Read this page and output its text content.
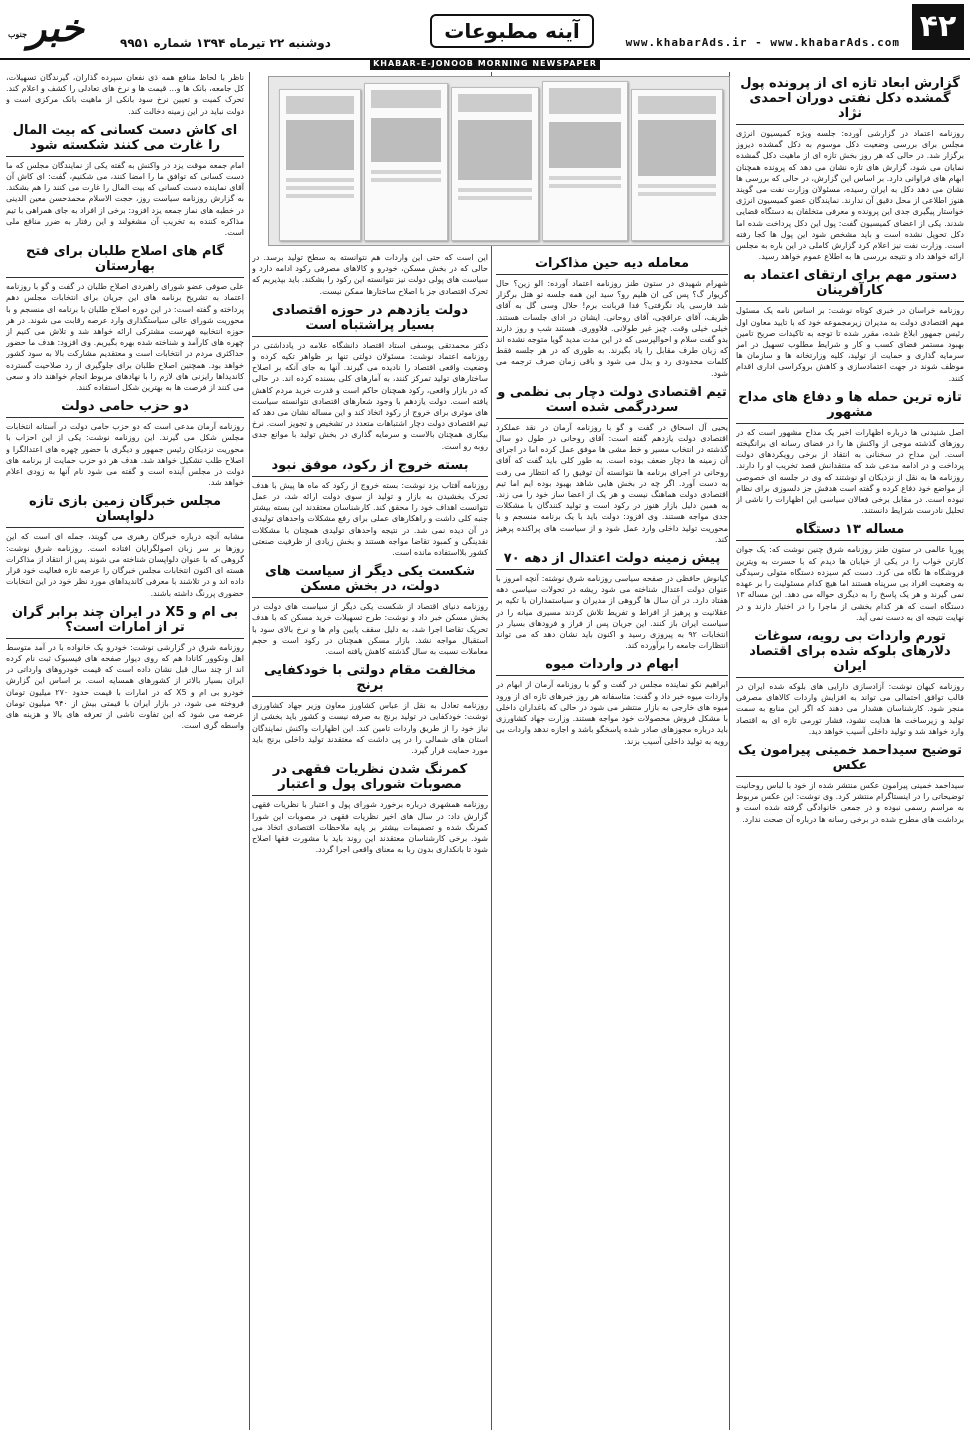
۴۲
www.khabarAds.ir - www.khabarAds.com
آینه مطبوعات
دوشنبه ۲۲ تیرماه ۱۳۹۴ شماره ۹۹۵۱
جنوب خبر
KHABAR-E-JONOOB MORNING NEWSPAPER
گزارش ابعاد تازه ای از پرونده پول گمشده دکل نفتی دوران احمدی نژاد
روزنامه اعتماد در گزارشی آورده: جلسه ویژه کمیسیون انرژی مجلس برای بررسی وضعیت دکل موسوم به دکل گمشده دیروز برگزار شد. در حالی که هر روز بخش تازه ای از ماهیت دکل گمشده نمایان می شود، گزارش های تازه نشان می دهد که پرونده همچنان ابهام های فراوانی دارد. بر اساس این گزارش، در حالی که بررسی ها نشان می دهد دکل به ایران رسیده، مسئولان وزارت نفت می گویند هنوز اطلاعی از محل دقیق آن ندارند. نمایندگان عضو کمیسیون انرژی خواستار پیگیری جدی این پرونده و معرفی متخلفان به دستگاه قضایی شدند. یکی از اعضای کمیسیون گفت: پول این دکل پرداخت شده اما دکل تحویل نشده است و باید مشخص شود این پول ها کجا رفته است. وزارت نفت نیز اعلام کرد گزارش کاملی در این باره به مجلس ارائه خواهد داد و نتیجه بررسی ها به اطلاع عموم خواهد رسید.
دستور مهم برای ارتقای اعتماد به کارآفرینان
روزنامه خراسان در خبری کوتاه نوشت: بر اساس نامه یک مسئول مهم اقتصادی دولت به مدیران زیرمجموعه خود که با تایید معاون اول رئیس جمهور ابلاغ شده، مقرر شده تا توجه به تاکیدات صریح تامین بهبود مستمر فضای کسب و کار و شرایط مطلوب تسهیل در امر سرمایه گذاری و حمایت از تولید، کلیه وزارتخانه ها و سازمان ها موظف شوند در جهت اعتمادسازی و کاهش بروکراسی اداری اقدام کنند.
تازه ترین حمله ها و دفاع های مداح مشهور
اصل شنیدنی ها درباره اظهارات اخیر یک مداح مشهور است که در روزهای گذشته موجی از واکنش ها را در فضای رسانه ای برانگیخته است. این مداح در سخنانی به انتقاد از برخی رویکردهای دولت پرداخت و در ادامه مدعی شد که منتقدانش قصد تخریب او را دارند. روزنامه ها به نقل از نزدیکان او نوشتند که وی در جلسه ای خصوصی از مواضع خود دفاع کرده و گفته است هدفش جز دلسوزی برای نظام نبوده است. در مقابل برخی فعالان سیاسی این اظهارات را ناشی از تحلیل نادرست شرایط دانستند.
مساله ۱۳ دستگاه
پوریا عالمی در ستون طنز روزنامه شرق چنین نوشت که: یک جوان کارتن خواب را در یکی از خیابان ها دیدم که با حسرت به ویترین فروشگاه ها نگاه می کرد. دست کم سیزده دستگاه متولی رسیدگی به وضعیت افراد بی سرپناه هستند اما هیچ کدام مسئولیت را بر عهده نمی گیرند و هر یک پاسخ را به دیگری حواله می دهد. این مساله ۱۳ دستگاه است که هر کدام بخشی از ماجرا را در اختیار دارند و در نهایت نتیجه ای به دست نمی آید.
تورم واردات بی رویه، سوغات دلارهای بلوکه شده برای اقتصاد ایران
روزنامه کیهان نوشت: آزادسازی دارایی های بلوکه شده ایران در قالب توافق احتمالی می تواند به افزایش واردات کالاهای مصرفی منجر شود. کارشناسان هشدار می دهند که اگر این منابع به سمت تولید و زیرساخت ها هدایت نشود، فشار تورمی تازه ای به اقتصاد وارد خواهد شد و تولید داخلی آسیب خواهد دید.
توضیح سیداحمد خمینی پیرامون یک عکس
سیداحمد خمینی پیرامون عکس منتشر شده از خود با لباس روحانیت توضیحاتی را در اینستاگرام منتشر کرد. وی نوشت: این عکس مربوط به مراسم رسمی نبوده و در جمعی خانوادگی گرفته شده است و برداشت های مطرح شده در برخی رسانه ها درباره آن صحت ندارد.
معامله دیه حین مذاکرات
شهرام شهیدی در ستون طنز روزنامه اعتماد آورده: الو زین؟ حال گریوار گ؟ پس کی ان هلیم رو؟ سید این همه جلسه تو هتل برگزار شد فارسی یاد نگرفتی؟ فدا قربانت برم! حلال وسی گل به آقای ظریف، آقای عراقچی، آقای روحانی. ایشان در ادای جلسات هستند. خیلی خیلی وقت. چیز غیر طولانی. فلاووری. هستند شب و روز دارند بدو گفت سلام و احوالپرسی که در این مدت مدید گویا متوجه نشده اند که زبان طرف مقابل را یاد بگیرند. به طوری که در هر جلسه فقط کلمات محدودی رد و بدل می شود و باقی زمان صرف ترجمه می شود.
تیم اقتصادی دولت دچار بی نظمی و سردرگمی شده است
یحیی آل اسحاق در گفت و گو با روزنامه آرمان در نقد عملکرد اقتصادی دولت یازدهم گفته است: آقای روحانی در طول دو سال گذشته در انتخاب مسیر و خط مشی ها موفق عمل کرده اما در اجرای آن زمینه ها دچار ضعف بوده است. به طور کلی باید گفت که آقای روحانی در اجرای برنامه ها نتوانسته آن توفیق را که انتظار می رفت به دست آورد. اگر چه در بخش هایی شاهد بهبود بوده ایم اما تیم اقتصادی دولت هماهنگ نیست و هر یک از اعضا ساز خود را می زند. به همین دلیل بازار هنوز در رکود است و تولید کنندگان با مشکلات جدی مواجه هستند. وی افزود: دولت باید با یک برنامه منسجم و با محوریت تولید داخلی وارد عمل شود و از سیاست های پراکنده پرهیز کند.
پیش زمینه دولت اعتدال از دهه ۷۰
کیانوش حافظی در صفحه سیاسی روزنامه شرق نوشته: آنچه امروز با عنوان دولت اعتدال شناخته می شود ریشه در تحولات سیاسی دهه هفتاد دارد. در آن سال ها گروهی از مدیران و سیاستمداران با تکیه بر عقلانیت و پرهیز از افراط و تفریط تلاش کردند مسیری میانه را در سیاست ایران باز کنند. این جریان پس از فراز و فرودهای بسیار در انتخابات ۹۲ به پیروزی رسید و اکنون باید نشان دهد که می تواند انتظارات جامعه را برآورده کند.
ابهام در واردات میوه
ابراهیم نکو نماینده مجلس در گفت و گو با روزنامه آرمان از ابهام در واردات میوه خبر داد و گفت: متاسفانه هر روز خبرهای تازه ای از ورود میوه های خارجی به بازار منتشر می شود در حالی که باغداران داخلی با مشکل فروش محصولات خود مواجه هستند. وزارت جهاد کشاورزی باید درباره مجوزهای صادر شده پاسخگو باشد و اجازه ندهد واردات بی رویه به تولید داخلی آسیب بزند.
این است که حتی این واردات هم نتوانسته به سطح تولید برسد. در حالی که در بخش مسکن، خودرو و کالاهای مصرفی رکود ادامه دارد و سیاست های پولی دولت نیز نتوانسته این رکود را بشکند. باید بپذیریم که تحرک اقتصادی جز با اصلاح ساختارها ممکن نیست.
دولت یازدهم در حوزه اقتصادی بسیار پراشتباه است
دکتر محمدتقی یوسفی استاد اقتصاد دانشگاه علامه در یادداشتی در روزنامه اعتماد نوشت: مسئولان دولتی تنها بر ظواهر تکیه کرده و وضعیت واقعی اقتصاد را نادیده می گیرند. آنها به جای آنکه بر اصلاح ساختارهای تولید تمرکز کنند، به آمارهای کلی بسنده کرده اند. در حالی که در بازار واقعی، رکود همچنان حاکم است و قدرت خرید مردم کاهش یافته است. دولت یازدهم با وجود شعارهای اقتصادی نتوانسته سیاست های موثری برای خروج از رکود اتخاذ کند و این مساله نشان می دهد که تیم اقتصادی دولت دچار اشتباهات متعدد در تشخیص و تجویز است. نرخ بیکاری همچنان بالاست و سرمایه گذاری در بخش تولید با موانع جدی روبه رو است.
بسته خروج از رکود، موفق نبود
روزنامه آفتاب یزد نوشت: بسته خروج از رکود که ماه ها پیش با هدف تحرک بخشیدن به بازار و تولید از سوی دولت ارائه شد، در عمل نتوانست اهداف خود را محقق کند. کارشناسان معتقدند این بسته بیشتر جنبه کلی داشت و راهکارهای عملی برای رفع مشکلات واحدهای تولیدی در آن دیده نمی شد. در نتیجه واحدهای تولیدی همچنان با مشکلات نقدینگی و کمبود تقاضا مواجه هستند و بخش زیادی از ظرفیت صنعتی کشور بلااستفاده مانده است.
شکست یکی دیگر از سیاست های دولت، در بخش مسکن
روزنامه دنیای اقتصاد از شکست یکی دیگر از سیاست های دولت در بخش مسکن خبر داد و نوشت: طرح تسهیلات خرید مسکن که با هدف تحریک تقاضا اجرا شد، به دلیل سقف پایین وام ها و نرخ بالای سود با استقبال مواجه نشد. بازار مسکن همچنان در رکود است و حجم معاملات نسبت به سال گذشته کاهش یافته است.
مخالفت مقام دولتی با خودکفایی برنج
روزنامه تعادل به نقل از عباس کشاورز معاون وزیر جهاد کشاورزی نوشت: خودکفایی در تولید برنج به صرفه نیست و کشور باید بخشی از نیاز خود را از طریق واردات تامین کند. این اظهارات واکنش نمایندگان استان های شمالی را در پی داشت که معتقدند تولید داخلی برنج باید مورد حمایت قرار گیرد.
کمرنگ شدن نظریات فقهی در مصوبات شورای پول و اعتبار
روزنامه همشهری درباره برخورد شورای پول و اعتبار با نظریات فقهی گزارش داد: در سال های اخیر نظریات فقهی در مصوبات این شورا کمرنگ شده و تصمیمات بیشتر بر پایه ملاحظات اقتصادی اتخاذ می شود. برخی کارشناسان معتقدند این روند باید با مشورت فقها اصلاح شود تا بانکداری بدون ربا به معنای واقعی اجرا گردد.
ناظر با لحاظ منافع همه ذی نفعان سپرده گذاران، گیرندگان تسهیلات، کل جامعه، بانک ها و... قیمت ها و نرخ های تعادلی را کشف و اعلام کند. تحرک کمیت و تعیین نرخ سود بانکی از ماهیت بانک مرکزی است و دولت نباید در این زمینه دخالت کند.
ای کاش دست کسانی که بیت المال را غارت می کنند شکسته شود
امام جمعه موقت یزد در واکنش به گفته یکی از نمایندگان مجلس که ما دست کسانی که توافق ما را امضا کنند، می شکنیم، گفت: ای کاش آن آقای نماینده دست کسانی که بیت المال را غارت می کنند را هم بشکند. به گزارش روزنامه سیاست روز، حجت الاسلام محمدحسن معین الدینی در خطبه های نماز جمعه یزد افزود: برخی از افراد به جای همراهی با تیم مذاکره کننده به تخریب آن مشغولند و این رفتار به ضرر منافع ملی است.
گام های اصلاح طلبان برای فتح بهارستان
علی صوفی عضو شورای راهبردی اصلاح طلبان در گفت و گو با روزنامه اعتماد به تشریح برنامه های این جریان برای انتخابات مجلس دهم پرداخته و گفته است: در این دوره اصلاح طلبان با برنامه ای منسجم و با محوریت شورای عالی سیاستگذاری وارد عرصه رقابت می شوند. در هر حوزه انتخابیه فهرست مشترکی ارائه خواهد شد و تلاش می کنیم از چهره های کارآمد و شناخته شده بهره بگیریم. وی افزود: هدف ما حضور حداکثری مردم در انتخابات است و معتقدیم مشارکت بالا به سود کشور خواهد بود. همچنین اصلاح طلبان برای جلوگیری از رد صلاحیت گسترده کاندیداها رایزنی های لازم را با نهادهای مربوط انجام خواهند داد و سعی می کنند از فرصت ها به بهترین شکل استفاده کنند.
دو حزب حامی دولت
روزنامه آرمان مدعی است که دو حزب حامی دولت در آستانه انتخابات مجلس شکل می گیرند. این روزنامه نوشت: یکی از این احزاب با محوریت نزدیکان رئیس جمهور و دیگری با حضور چهره های اعتدالگرا و اصلاح طلب تشکیل خواهد شد. هدف هر دو حزب حمایت از برنامه های دولت در مجلس آینده است و گفته می شود نام آنها به زودی اعلام خواهد شد.
مجلس خبرگان زمین بازی تازه دلواپسان
مشابه آنچه درباره خبرگان رهبری می گویند، جمله ای است که این روزها بر سر زبان اصولگرایان افتاده است. روزنامه شرق نوشت: گروهی که با عنوان دلواپسان شناخته می شوند پس از انتقاد از مذاکرات هسته ای اکنون انتخابات مجلس خبرگان را عرصه تازه فعالیت خود قرار داده اند و در تلاشند با معرفی کاندیداهای مورد نظر خود در این انتخابات حضوری پررنگ داشته باشند.
بی ام و X5 در ایران چند برابر گران تر از امارات است؟
روزنامه شرق در گزارشی نوشت: خودرو یک خانواده با در آمد متوسط اهل ونکوور کانادا هم که روی دیوار صفحه های فیسبوک ثبت نام کرده اند از چند سال قبل نشان داده است که قیمت خودروهای وارداتی در ایران بسیار بالاتر از کشورهای همسایه است. بر اساس این گزارش خودرو بی ام و X5 که در امارات با قیمت حدود ۲۷۰ میلیون تومان فروخته می شود، در بازار ایران با قیمتی بیش از ۹۴۰ میلیون تومان عرضه می شود که این تفاوت ناشی از تعرفه های بالا و هزینه های واسطه گری است.
